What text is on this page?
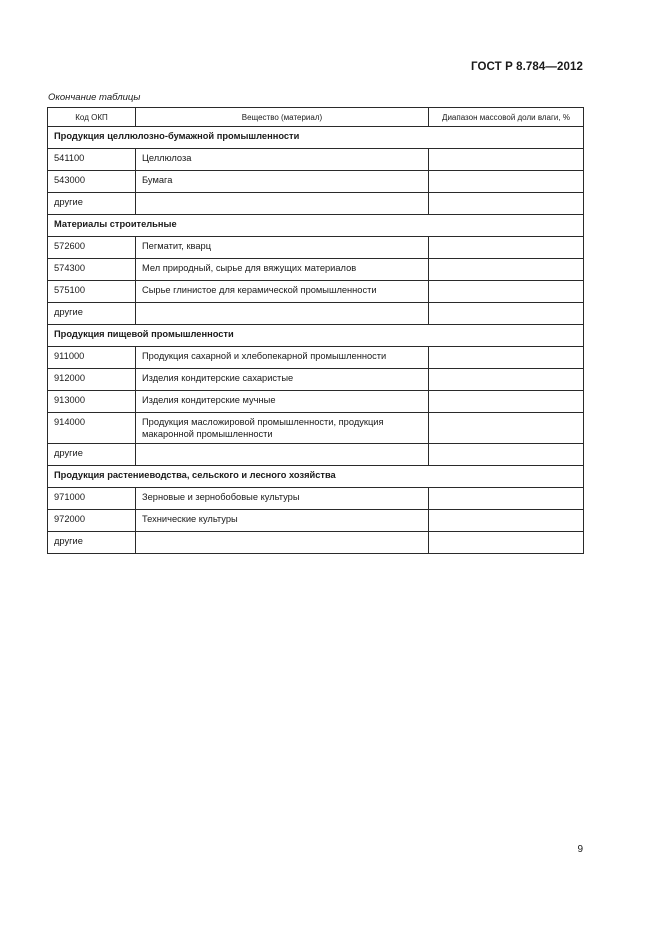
ГОСТ Р 8.784—2012
Окончание таблицы
Код ОКП	Вещество (материал)	Диапазон массовой доли влаги, %
Продукция целлюлозно-бумажной промышленности		
541100	Целлюлоза	
543000	Бумага	
другие		
Материалы строительные		
572600	Пегматит, кварц	
574300	Мел природный, сырье для вяжущих материалов	
575100	Сырье глинистое для керамической промышленности	
другие		
Продукция пищевой промышленности		
911000	Продукция сахарной и хлебопекарной промышленности	
912000	Изделия кондитерские сахаристые	
913000	Изделия кондитерские мучные	
914000	Продукция масложировой промышленности, продукция макаронной промышленности	
другие		
Продукция растениеводства, сельского и лесного хозяйства		
971000	Зерновые и зернобобовые культуры	
972000	Технические культуры	
другие		
9
